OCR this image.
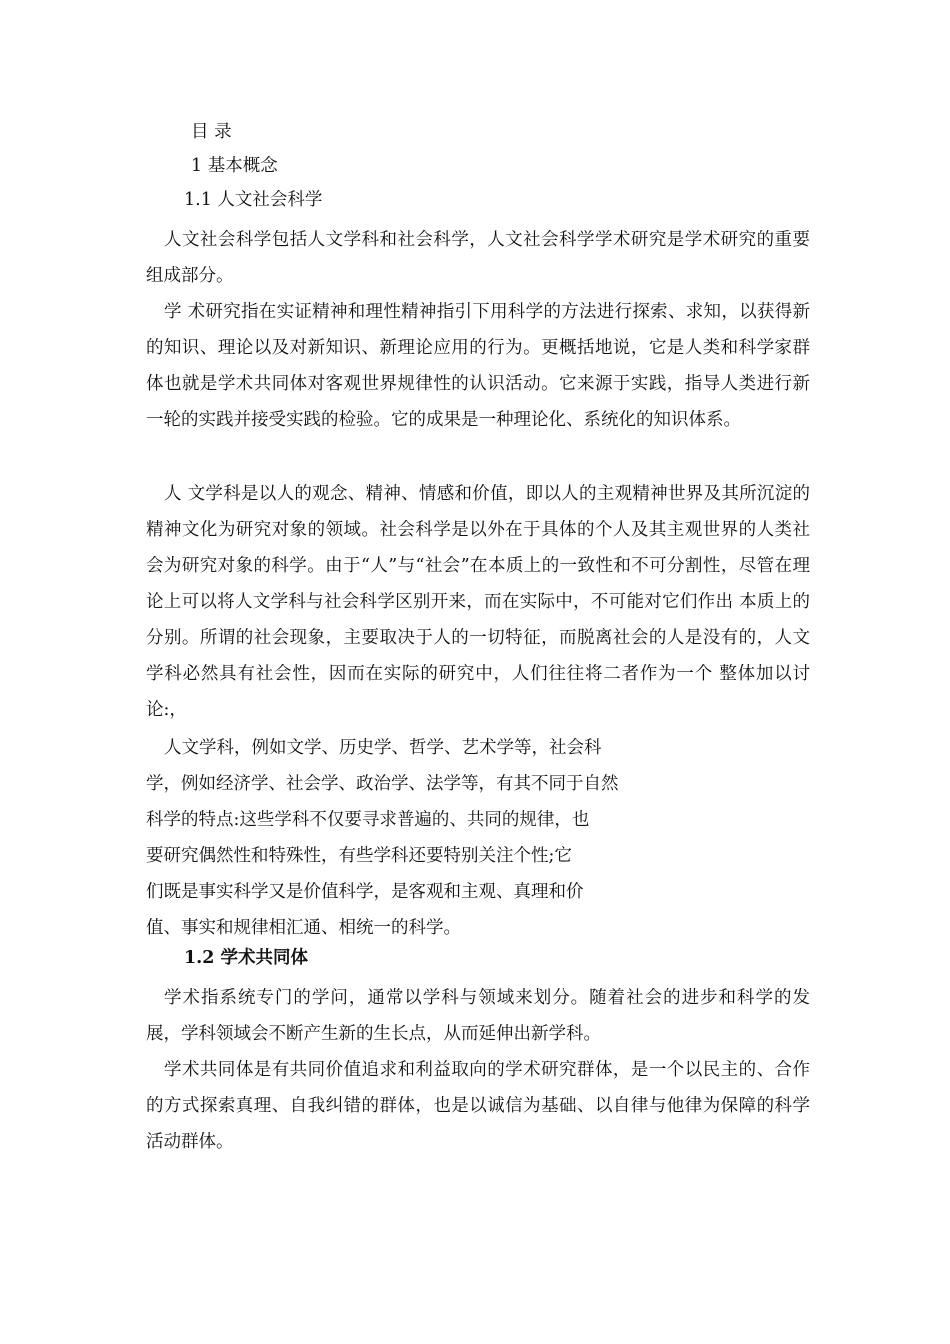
目 录

1 基本概念

1.1 人文社会科学

人文社会科学包括人文学科和社会科学，人文社会科学学术研究是学术研究的重要组成部分。

学 术研究指在实证精神和理性精神指引下用科学的方法进行探索、求知，以获得新的知识、理论以及对新知识、新理论应用的行为。更概括地说，它是人类和科学家群 体也就是学术共同体对客观世界规律性的认识活动。它来源于实践，指导人类进行新一轮的实践并接受实践的检验。它的成果是一种理论化、系统化的知识体系。

人 文学科是以人的观念、精神、情感和价值，即以人的主观精神世界及其所沉淀的精神文化为研究对象的领域。社会科学是以外在于具体的个人及其主观世界的人类社 会为研究对象的科学。由于“人”与“社会”在本质上的一致性和不可分割性，尽管在理论上可以将人文学科与社会科学区别开来，而在实际中，不可能对它们作出 本质上的分别。所谓的社会现象，主要取决于人的一切特征，而脱离社会的人是没有的，人文学科必然具有社会性，因而在实际的研究中，人们往往将二者作为一个 整体加以讨论:，

人文学科，例如文学、历史学、哲学、艺术学等，社会科
学，例如经济学、社会学、政治学、法学等，有其不同于自然
科学的特点:这些学科不仅要寻求普遍的、共同的规律，也
要研究偶然性和特殊性，有些学科还要特别关注个性;它
们既是事实科学又是价值科学，是客观和主观、真理和价
值、事实和规律相汇通、相统一的科学。

1.2 学术共同体

学术指系统专门的学问，通常以学科与领域来划分。随着社会的进步和科学的发展，学科领域会不断产生新的生长点，从而延伸出新学科。

学术共同体是有共同价值追求和利益取向的学术研究群体，是一个以民主的、合作的方式探索真理、自我纠错的群体，也是以诚信为基础、以自律与他律为保障的科学活动群体。
